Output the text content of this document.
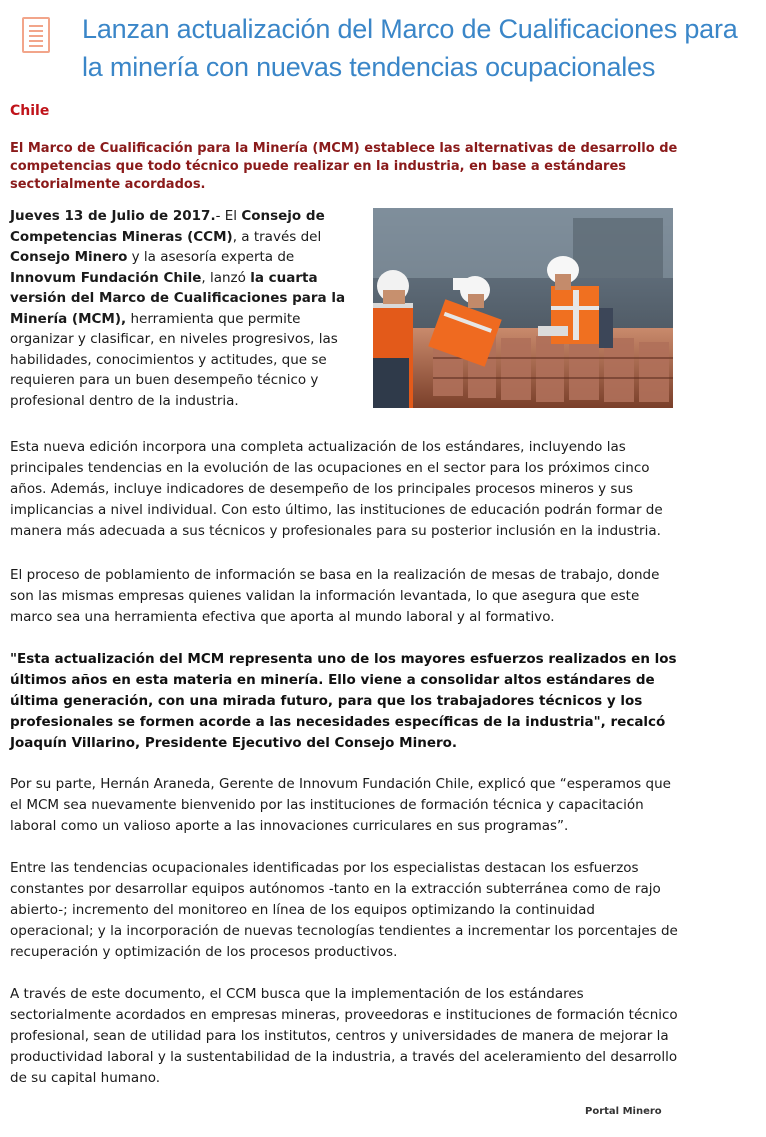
Lanzan actualización del Marco de Cualificaciones para la minería con nuevas tendencias ocupacionales

Chile

El Marco de Cualificación para la Minería (MCM) establece las alternativas de desarrollo de competencias que todo técnico puede realizar en la industria, en base a estándares sectorialmente acordados.

Jueves 13 de Julio de 2017.- El Consejo de Competencias Mineras (CCM), a través del Consejo Minero y la asesoría experta de Innovum Fundación Chile, lanzó la cuarta versión del Marco de Cualificaciones para la Minería (MCM), herramienta que permite organizar y clasificar, en niveles progresivos, las habilidades, conocimientos y actitudes, que se requieren para un buen desempeño técnico y profesional dentro de la industria.

Esta nueva edición incorpora una completa actualización de los estándares, incluyendo las principales tendencias en la evolución de las ocupaciones en el sector para los próximos cinco años. Además, incluye indicadores de desempeño de los principales procesos mineros y sus implicancias a nivel individual. Con esto último, las instituciones de educación podrán formar de manera más adecuada a sus técnicos y profesionales para su posterior inclusión en la industria.

El proceso de poblamiento de información se basa en la realización de mesas de trabajo, donde son las mismas empresas quienes validan la información levantada, lo que asegura que este marco sea una herramienta efectiva que aporta al mundo laboral y al formativo.

"Esta actualización del MCM representa uno de los mayores esfuerzos realizados en los últimos años en esta materia en minería. Ello viene a consolidar altos estándares de última generación, con una mirada futuro, para que los trabajadores técnicos y los profesionales se formen acorde a las necesidades específicas de la industria", recalcó Joaquín Villarino, Presidente Ejecutivo del Consejo Minero.

Por su parte, Hernán Araneda, Gerente de Innovum Fundación Chile, explicó que “esperamos que el MCM sea nuevamente bienvenido por las instituciones de formación técnica y capacitación laboral como un valioso aporte a las innovaciones curriculares en sus programas”.

Entre las tendencias ocupacionales identificadas por los especialistas destacan los esfuerzos constantes por desarrollar equipos autónomos -tanto en la extracción subterránea como de rajo abierto-; incremento del monitoreo en línea de los equipos optimizando la continuidad operacional; y la incorporación de nuevas tecnologías tendientes a incrementar los porcentajes de recuperación y optimización de los procesos productivos.

A través de este documento, el CCM busca que la implementación de los estándares sectorialmente acordados en empresas mineras, proveedoras e instituciones de formación técnico profesional, sean de utilidad para los institutos, centros y universidades de manera de mejorar la productividad laboral y la sustentabilidad de la industria, a través del aceleramiento del desarrollo de su capital humano.

Portal Minero
